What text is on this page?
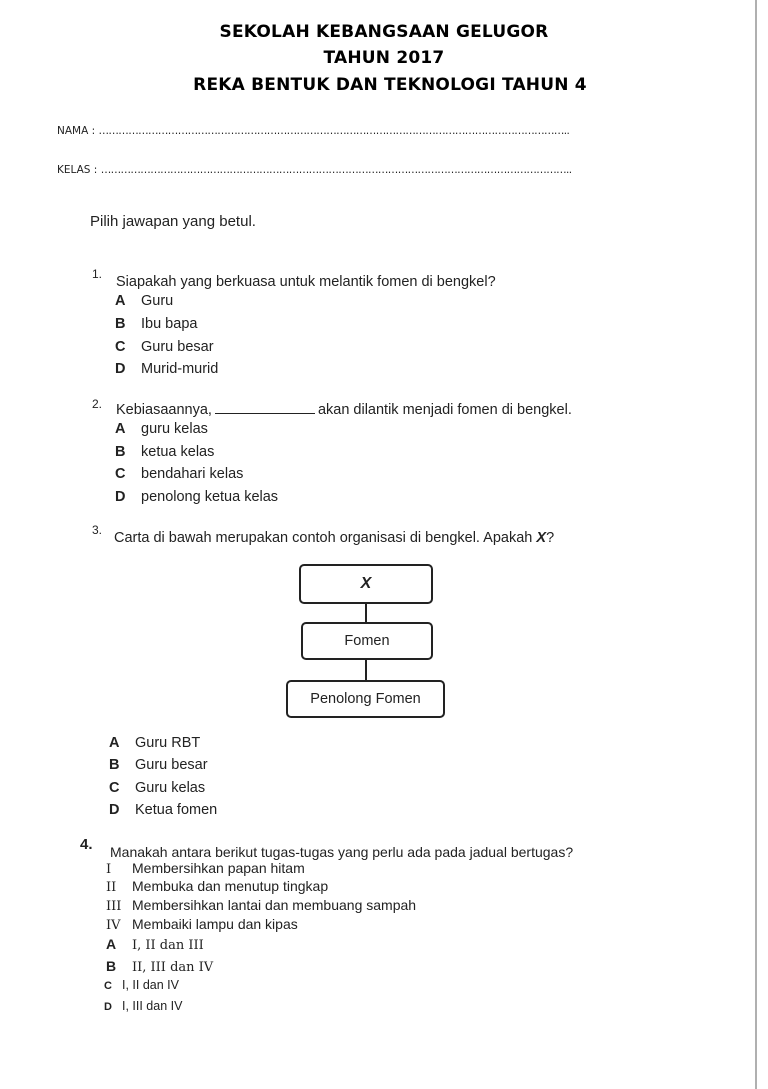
SEKOLAH KEBANGSAAN GELUGOR
TAHUN 2017
REKA BENTUK DAN TEKNOLOGI TAHUN 4
NAMA : ……………………………………………………………………………………………………………………………..
KELAS : ……………………………………………………………………………………………………………………………..
Pilih jawapan yang betul.
1. Siapakah yang berkuasa untuk melantik fomen di bengkel?
A Guru
B Ibu bapa
C Guru besar
D Murid-murid
2. Kebiasaannya,	akan dilantik menjadi fomen di bengkel.
A guru kelas
B ketua kelas
C bendahari kelas
D penolong ketua kelas
3. Carta di bawah merupakan contoh organisasi di bengkel. Apakah X?
X
Fomen
Penolong Fomen
A Guru RBT
B Guru besar
C Guru kelas
D Ketua fomen
4. Manakah antara berikut tugas-tugas yang perlu ada pada jadual bertugas?
I Membersihkan papan hitam
II Membuka dan menutup tingkap
III Membersihkan lantai dan membuang sampah
IV Membaiki lampu dan kipas
A I, II dan III
B II, III dan IV
C I, II dan IV
D I, III dan IV
